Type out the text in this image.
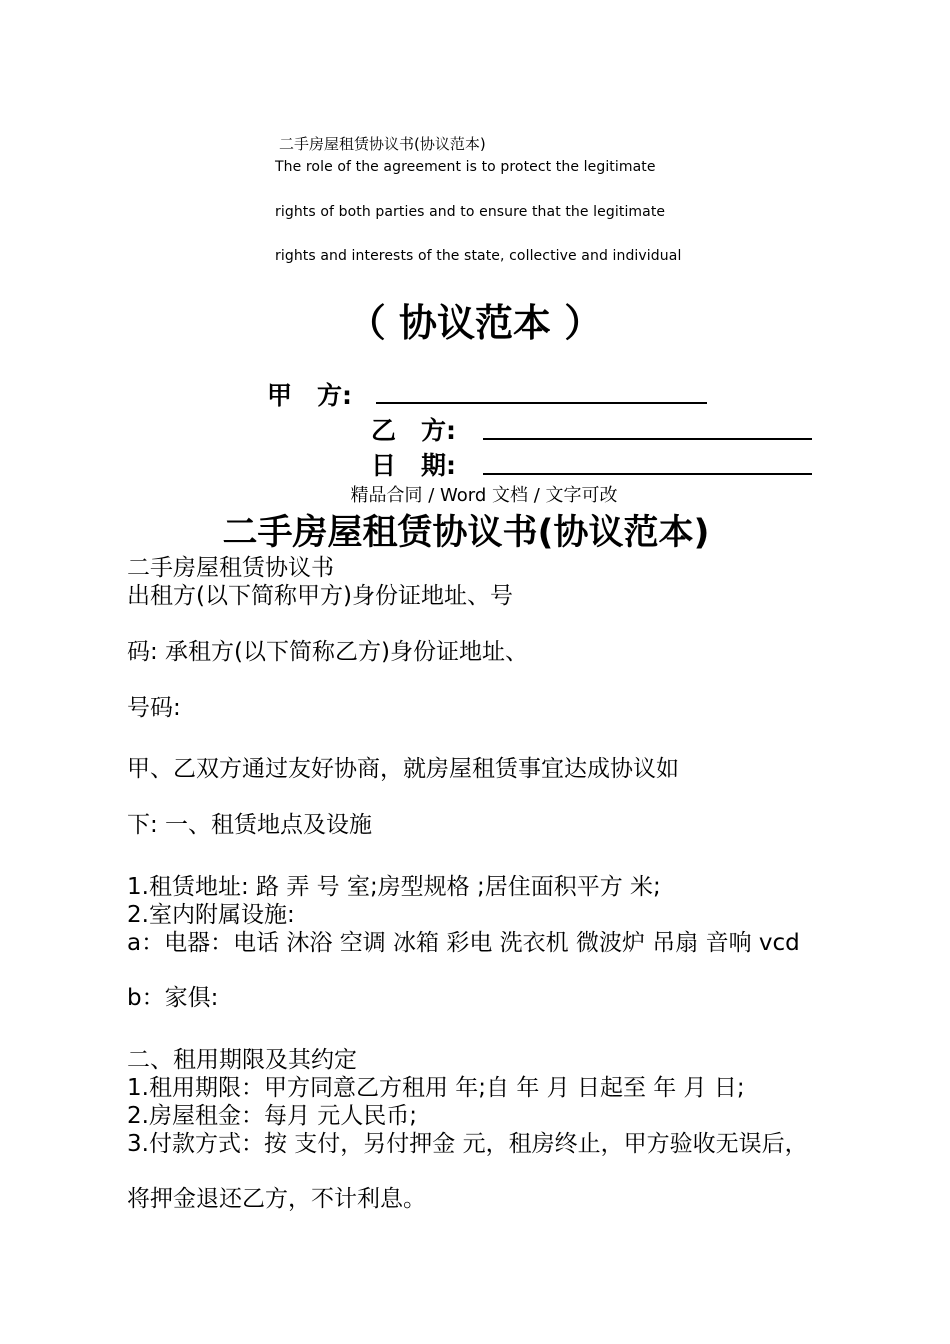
二手房屋租赁协议书(协议范本)
The role of the agreement is to protect the legitimate
rights of both parties and to ensure that the legitimate
rights and interests of the state, collective and individual
（ 协议范本 ）
甲　方:
乙　方:
日　期:
精品合同 / Word 文档 / 文字可改
二手房屋租赁协议书(协议范本)
二手房屋租赁协议书
出租方(以下简称甲方)身份证地址、号
码: 承租方(以下简称乙方)身份证地址、
号码:
甲、乙双方通过友好协商，就房屋租赁事宜达成协议如
下: 一、租赁地点及设施
1.租赁地址: 路 弄 号 室;房型规格 ;居住面积平方 米;
2.室内附属设施:
a：电器：电话 沐浴 空调 冰箱 彩电 洗衣机 微波炉 吊扇 音响 vcd
b：家俱:
二、租用期限及其约定
1.租用期限：甲方同意乙方租用 年;自 年 月 日起至 年 月 日;
2.房屋租金：每月 元人民币;
3.付款方式：按 支付，另付押金 元，租房终止，甲方验收无误后，
将押金退还乙方，不计利息。
